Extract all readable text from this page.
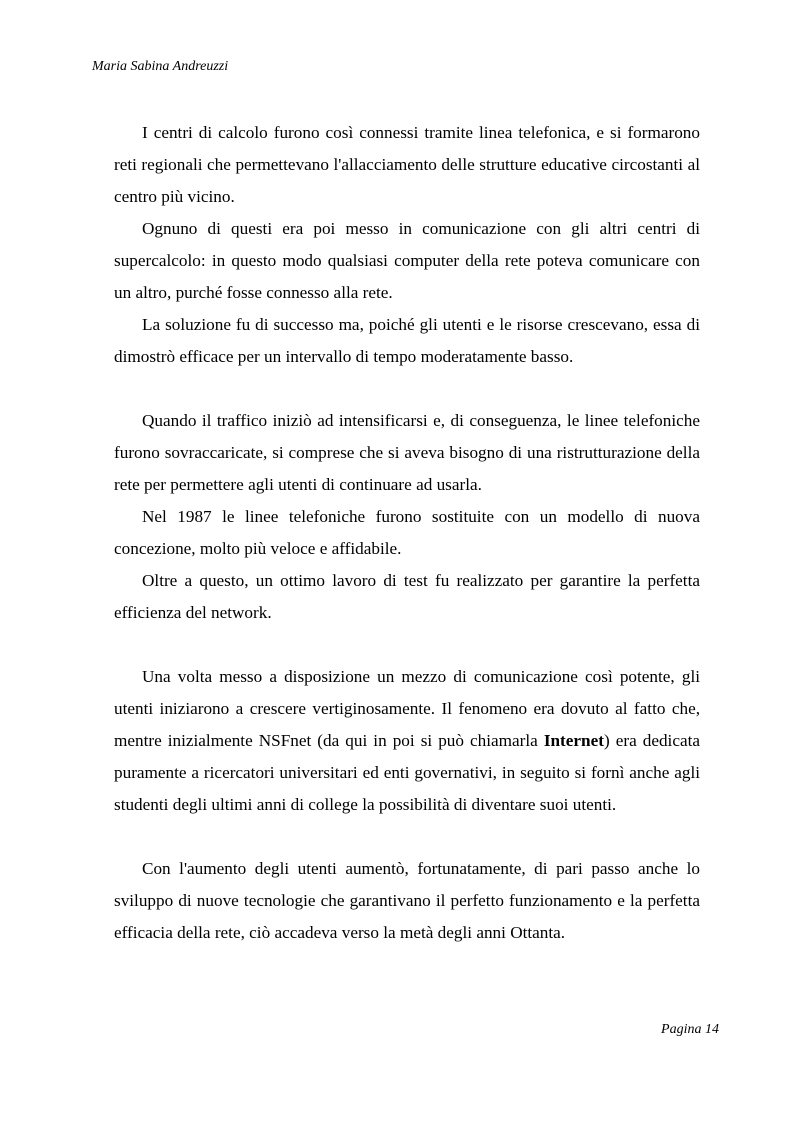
Maria Sabina Andreuzzi

I centri di calcolo furono così connessi tramite linea telefonica, e si formarono reti regionali che permettevano l'allacciamento delle strutture educative circostanti al centro più vicino.

Ognuno di questi era poi messo in comunicazione con gli altri centri di supercalcolo: in questo modo qualsiasi computer della rete poteva comunicare con un altro, purché fosse connesso alla rete.

La soluzione fu di successo ma, poiché gli utenti e le risorse crescevano, essa di dimostrò efficace per un intervallo di tempo moderatamente basso.

Quando il traffico iniziò ad intensificarsi e, di conseguenza, le linee telefoniche furono sovraccaricate, si comprese che si aveva bisogno di una ristrutturazione della rete per permettere agli utenti di continuare ad usarla.

Nel 1987 le linee telefoniche furono sostituite con un modello di nuova concezione, molto più veloce e affidabile.

Oltre a questo, un ottimo lavoro di test fu realizzato per garantire la perfetta efficienza del network.

Una volta messo a disposizione un mezzo di comunicazione così potente, gli utenti iniziarono a crescere vertiginosamente. Il fenomeno era dovuto al fatto che, mentre inizialmente NSFnet (da qui in poi si può chiamarla Internet) era dedicata puramente a ricercatori universitari ed enti governativi, in seguito si fornì anche agli studenti degli ultimi anni di college la possibilità di diventare suoi utenti.

Con l'aumento degli utenti aumentò, fortunatamente, di pari passo anche lo sviluppo di nuove tecnologie che garantivano il perfetto funzionamento e la perfetta efficacia della rete, ciò accadeva verso la metà degli anni Ottanta.

Pagina 14
